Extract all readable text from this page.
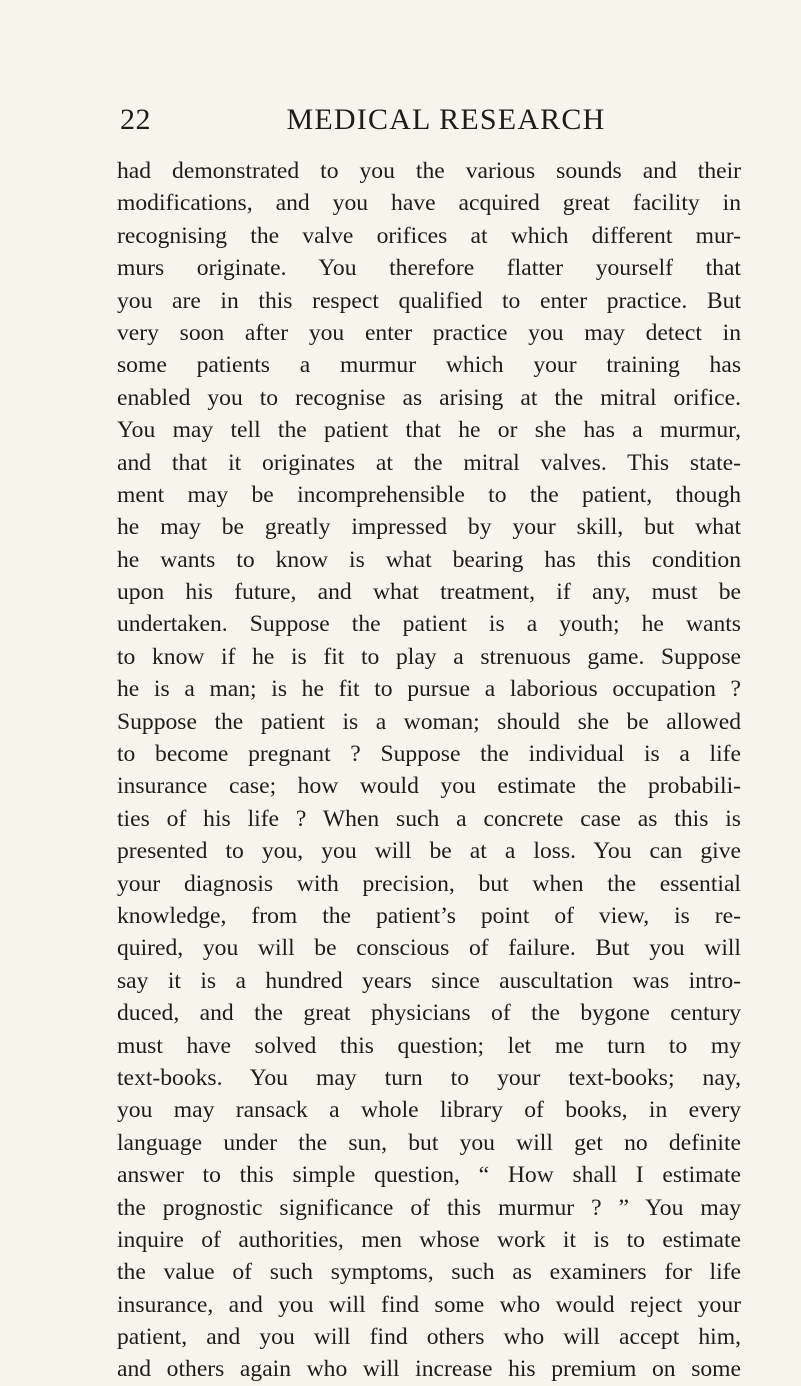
22	MEDICAL RESEARCH
had demonstrated to you the various sounds and their
modifications, and you have acquired great facility in
recognising the valve orifices at which different mur-
murs originate. You therefore flatter yourself that
you are in this respect qualified to enter practice. But
very soon after you enter practice you may detect in
some patients a murmur which your training has
enabled you to recognise as arising at the mitral orifice.
You may tell the patient that he or she has a murmur,
and that it originates at the mitral valves. This state-
ment may be incomprehensible to the patient, though
he may be greatly impressed by your skill, but what
he wants to know is what bearing has this condition
upon his future, and what treatment, if any, must be
undertaken. Suppose the patient is a youth; he wants
to know if he is fit to play a strenuous game. Suppose
he is a man; is he fit to pursue a laborious occupation ?
Suppose the patient is a woman; should she be allowed
to become pregnant ? Suppose the individual is a life
insurance case; how would you estimate the probabili-
ties of his life ? When such a concrete case as this is
presented to you, you will be at a loss. You can give
your diagnosis with precision, but when the essential
knowledge, from the patient’s point of view, is re-
quired, you will be conscious of failure. But you will
say it is a hundred years since auscultation was intro-
duced, and the great physicians of the bygone century
must have solved this question; let me turn to my
text-books. You may turn to your text-books; nay,
you may ransack a whole library of books, in every
language under the sun, but you will get no definite
answer to this simple question, “ How shall I estimate
the prognostic significance of this murmur ? ” You may
inquire of authorities, men whose work it is to estimate
the value of such symptoms, such as examiners for life
insurance, and you will find some who would reject your
patient, and you will find others who will accept him,
and others again who will increase his premium on some
